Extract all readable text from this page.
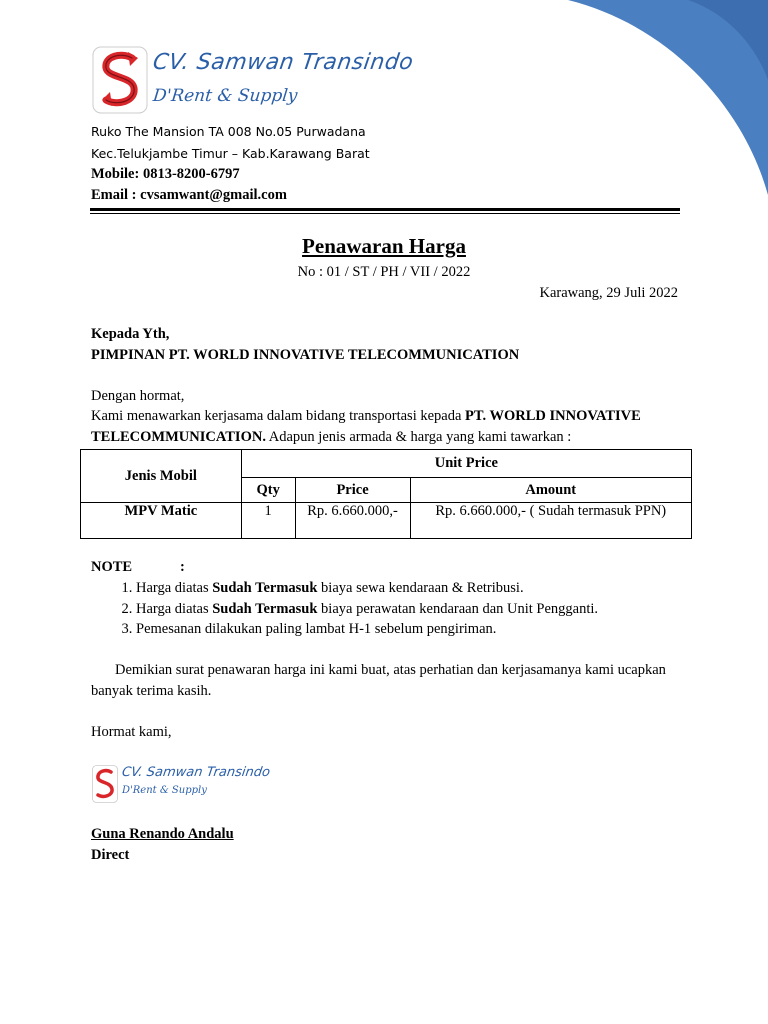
CV. Samwan Transindo
D'Rent & Supply
Ruko The Mansion TA 008 No.05 Purwadana
Kec.Telukjambe Timur – Kab.Karawang Barat
Mobile: 0813-8200-6797
Email : cvsamwant@gmail.com
Penawaran Harga
No : 01 / ST / PH / VII / 2022
Karawang, 29 Juli 2022
Kepada Yth,
PIMPINAN PT. WORLD INNOVATIVE TELECOMMUNICATION
Dengan hormat,
Kami menawarkan kerjasama dalam bidang transportasi kepada PT. WORLD INNOVATIVE
TELECOMMUNICATION. Adapun jenis armada & harga yang kami tawarkan :
Jenis Mobil	Unit Price		
	Qty	Price	Amount
MPV Matic	1	Rp. 6.660.000,-	Rp. 6.660.000,- ( Sudah termasuk PPN)
NOTE	:
1. Harga diatas Sudah Termasuk biaya sewa kendaraan & Retribusi.
2. Harga diatas Sudah Termasuk biaya perawatan kendaraan dan Unit Pengganti.
3. Pemesanan dilakukan paling lambat H-1 sebelum pengiriman.
Demikian surat penawaran harga ini kami buat, atas perhatian dan kerjasamanya kami ucapkan banyak terima kasih.
Hormat kami,
CV. Samwan Transindo
D'Rent & Supply
Guna Renando Andalu
Direct
